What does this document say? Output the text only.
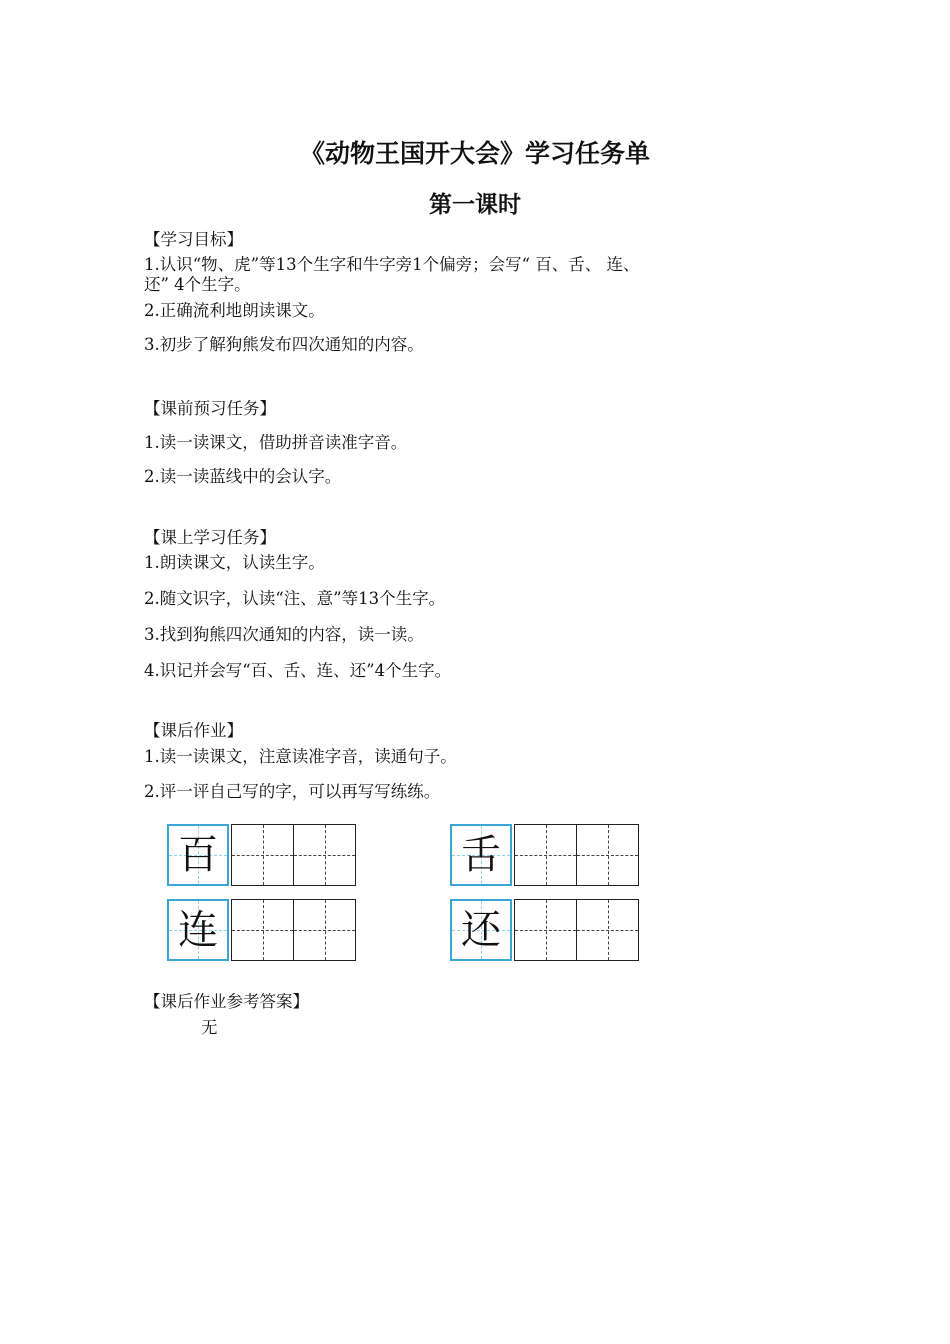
《动物王国开大会》学习任务单
第一课时
【学习目标】
1.认识“物、虎”等13个生字和牛字旁1个偏旁；会写“ 百、舌、 连、
还” 4个生字。
2.正确流利地朗读课文。
3.初步了解狗熊发布四次通知的内容。
【课前预习任务】
1.读一读课文，借助拼音读准字音。
2.读一读蓝线中的会认字。
【课上学习任务】
1.朗读课文，认读生字。
2.随文识字，认读“注、意”等13个生字。
3.找到狗熊四次通知的内容，读一读。
4.识记并会写“百、舌、连、还”4个生字。
【课后作业】
1.读一读课文，注意读准字音，读通句子。
2.评一评自己写的字，可以再写写练练。
百	舌
连	还
【课后作业参考答案】
无
